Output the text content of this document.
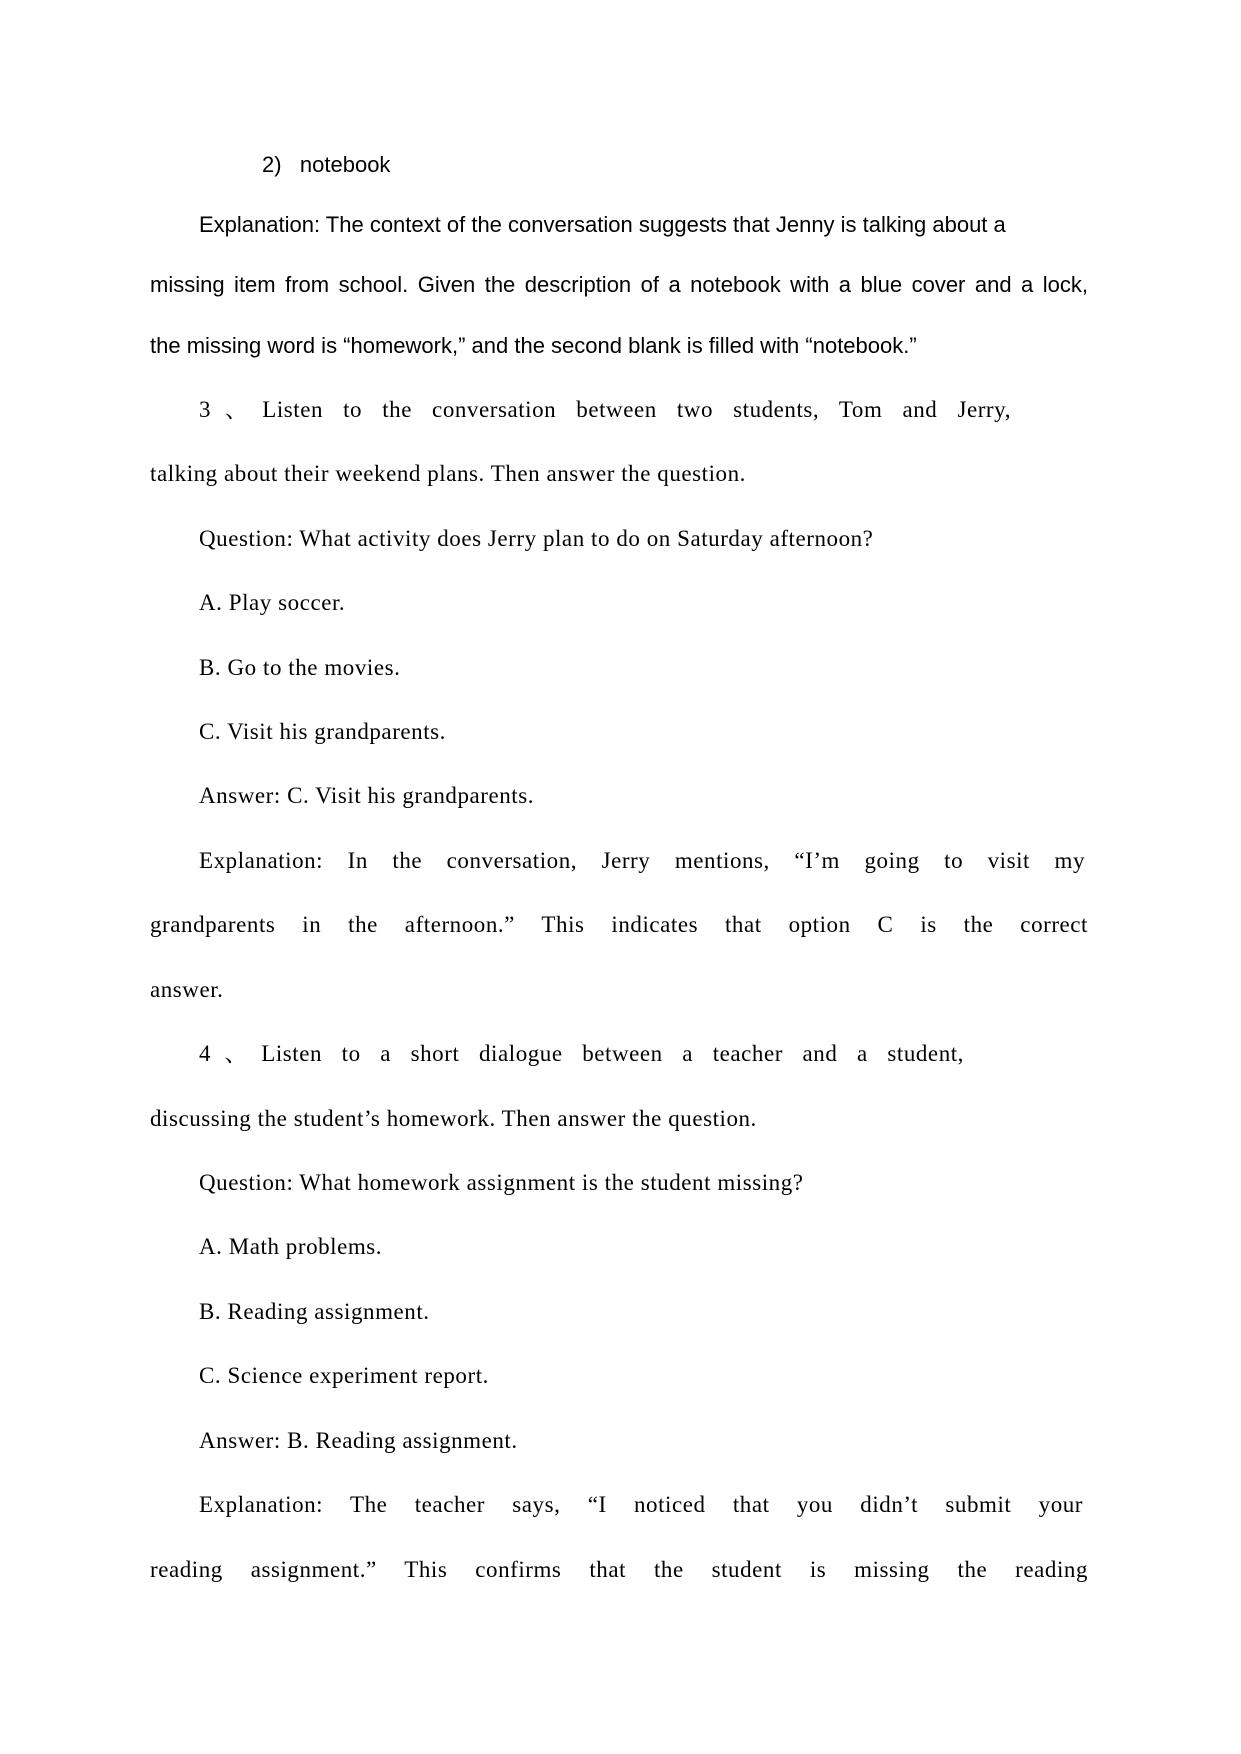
2)   notebook
Explanation: The context of the conversation suggests that Jenny is talking about a
missing item from school. Given the description of a notebook with a blue cover and a lock,
the missing word is “homework,” and the second blank is filled with “notebook.”
3、Listen to the conversation between two students, Tom and Jerry,
talking about their weekend plans. Then answer the question.
Question: What activity does Jerry plan to do on Saturday afternoon?
A. Play soccer.
B. Go to the movies.
C. Visit his grandparents.
Answer: C. Visit his grandparents.
Explanation: In the conversation, Jerry mentions, “I’m going to visit my
grandparents in the afternoon.” This indicates that option C is the correct
answer.
4、Listen to a short dialogue between a teacher and a student,
discussing the student’s homework. Then answer the question.
Question: What homework assignment is the student missing?
A. Math problems.
B. Reading assignment.
C. Science experiment report.
Answer: B. Reading assignment.
Explanation: The teacher says, “I noticed that you didn’t submit your
reading assignment.” This confirms that the student is missing the reading
